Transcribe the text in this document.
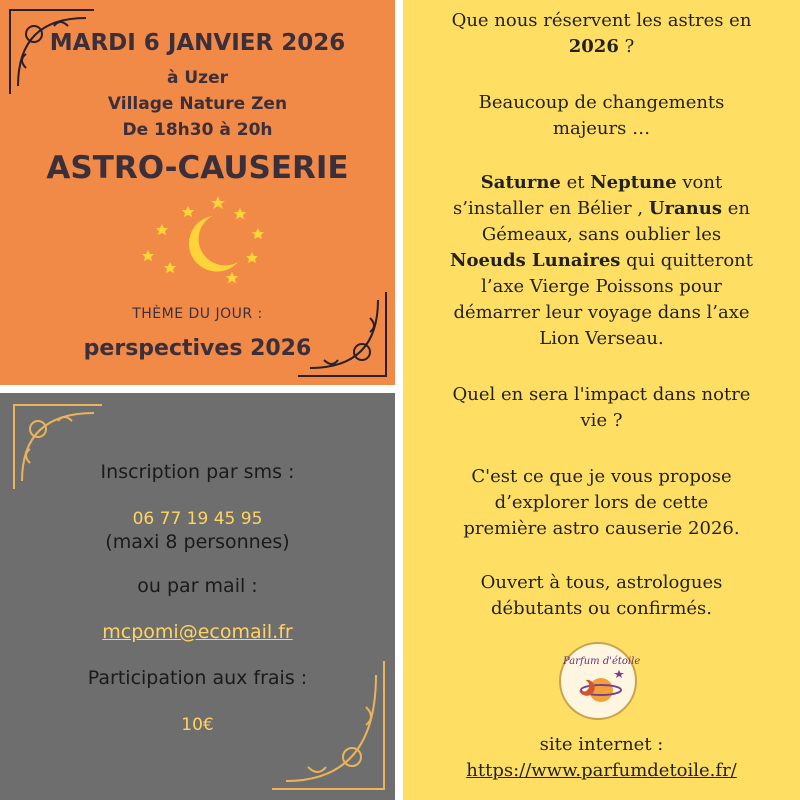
MARDI 6 JANVIER 2026

à Uzer

Village Nature Zen

De 18h30 à 20h

ASTRO-CAUSERIE

THÈME DU JOUR :

perspectives 2026

Inscription par sms :

06 77 19 45 95

(maxi 8 personnes)

ou par mail :

mcpomi@ecomail.fr

Participation aux frais :

10€

Que nous réservent les astres en
2026 ?

Beaucoup de changements
majeurs …

Saturne et Neptune vont
s’installer en Bélier , Uranus en
Gémeaux, sans oublier les
Noeuds Lunaires qui quitteront
l’axe Vierge Poissons pour
démarrer leur voyage dans l’axe
Lion Verseau.

Quel en sera l'impact dans notre
vie ?

C'est ce que je vous propose
d’explorer lors de cette
première astro causerie 2026.

Ouvert à tous, astrologues
débutants ou confirmés.

Parfum d'étoile

site internet :

https://www.parfumdetoile.fr/
